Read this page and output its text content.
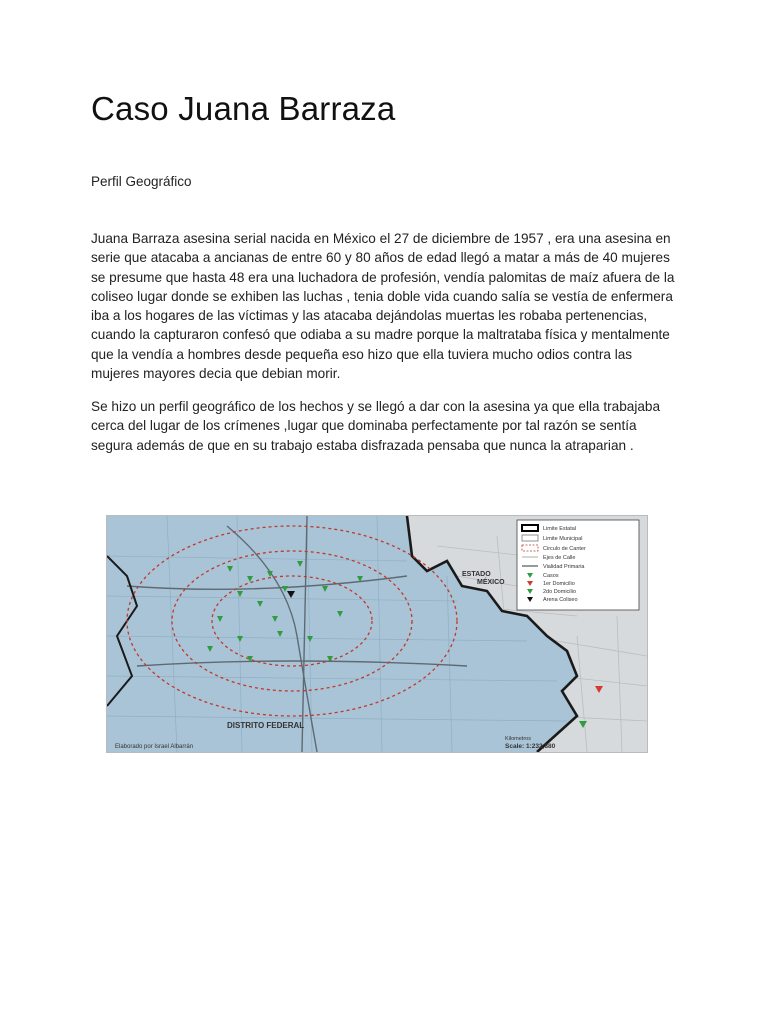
Caso Juana Barraza

Perfil Geográfico

Juana Barraza asesina serial nacida en México el 27 de diciembre de 1957 , era una asesina en serie que atacaba a ancianas de entre 60 y 80 años de edad llegó a matar a más de 40 mujeres se presume que hasta 48 era una luchadora de profesión, vendía palomitas de maíz afuera de la coliseo lugar donde se exhiben las luchas , tenia doble vida cuando salía se vestía de enfermera iba a los hogares de las víctimas y las atacaba dejándolas muertas les robaba pertenencias, cuando la capturaron confesó que odiaba a su madre porque la maltrataba física y mentalmente que la vendía a hombres desde pequeña eso hizo que ella tuviera mucho odios contra las mujeres mayores decia que debian morir.

Se hizo un perfil geográfico de los hechos y se llegó a dar con la asesina ya que ella trabajaba cerca del lugar de los crímenes ,lugar que dominaba perfectamente por tal razón se sentía segura además de que en su trabajo estaba disfrazada pensaba que nunca la atraparian .

ESTADO
MÉXICO
DISTRITO FEDERAL
Elaborado por Israel Albarrán
Kilometros
Scale: 1:232,880
Limite Estatal
Limite Municipal
Circulo de Canter
Ejes de Calle
Vialidad Primaria
Casos
1er Domicilio
2do Domicilio
Arena Coliseo
